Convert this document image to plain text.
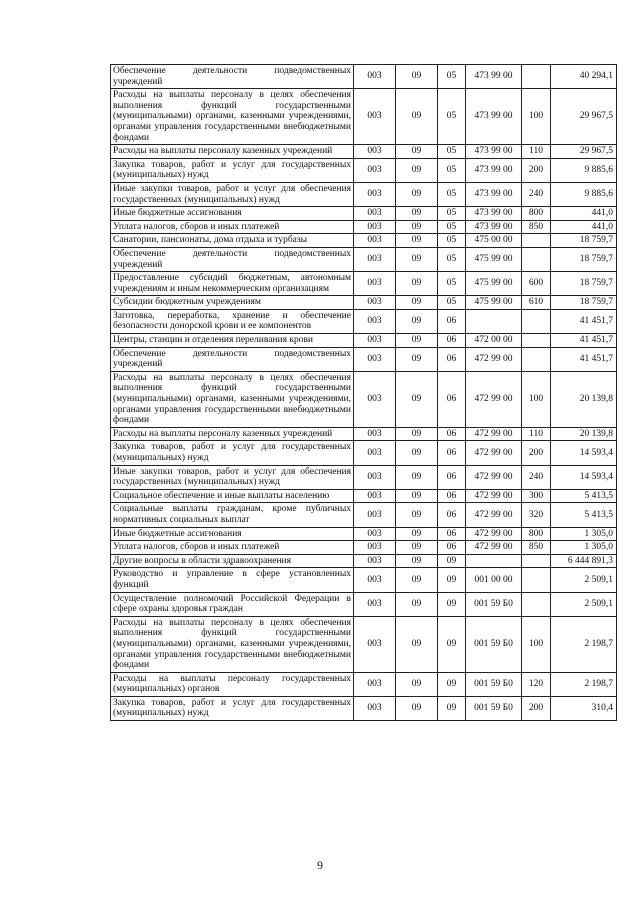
Обеспечение деятельности подведомственных учреждений	003	09	05	473 99 00		40 294,1
Расходы на выплаты персоналу в целях обеспечения выполнения функций государственными (муниципальными) органами, казенными учреждениями, органами управления государственными внебюджетными фондами	003	09	05	473 99 00	100	29 967,5
Расходы на выплаты персоналу казенных учреждений	003	09	05	473 99 00	110	29 967,5
Закупка товаров, работ и услуг для государственных (муниципальных) нужд	003	09	05	473 99 00	200	9 885,6
Иные закупки товаров, работ и услуг для обеспечения государственных (муниципальных) нужд	003	09	05	473 99 00	240	9 885,6
Иные бюджетные ассигнования	003	09	05	473 99 00	800	441,0
Уплата налогов, сборов и иных платежей	003	09	05	473 99 00	850	441,0
Санатории, пансионаты, дома отдыха и турбазы	003	09	05	475 00 00		18 759,7
Обеспечение деятельности подведомственных учреждений	003	09	05	475 99 00		18 759,7
Предоставление субсидий бюджетным, автономным учреждениям и иным некоммерческим организациям	003	09	05	475 99 00	600	18 759,7
Субсидии бюджетным учреждениям	003	09	05	475 99 00	610	18 759,7
Заготовка, переработка, хранение и обеспечение безопасности донорской крови и ее компонентов	003	09	06			41 451,7
Центры, станции и отделения переливания крови	003	09	06	472 00 00		41 451,7
Обеспечение деятельности подведомственных учреждений	003	09	06	472 99 00		41 451,7
Расходы на выплаты персоналу в целях обеспечения выполнения функций государственными (муниципальными) органами, казенными учреждениями, органами управления государственными внебюджетными фондами	003	09	06	472 99 00	100	20 139,8
Расходы на выплаты персоналу казенных учреждений	003	09	06	472 99 00	110	20 139,8
Закупка товаров, работ и услуг для государственных (муниципальных) нужд	003	09	06	472 99 00	200	14 593,4
Иные закупки товаров, работ и услуг для обеспечения государственных (муниципальных) нужд	003	09	06	472 99 00	240	14 593,4
Социальное обеспечение и иные выплаты населению	003	09	06	472 99 00	300	5 413,5
Социальные выплаты гражданам, кроме публичных нормативных социальных выплат	003	09	06	472 99 00	320	5 413,5
Иные бюджетные ассигнования	003	09	06	472 99 00	800	1 305,0
Уплата налогов, сборов и иных платежей	003	09	06	472 99 00	850	1 305,0
Другие вопросы в области здравоохранения	003	09	09			6 444 891,3
Руководство и управление в сфере установленных функций	003	09	09	001 00 00		2 509,1
Осуществление полномочий Российской Федерации в сфере охраны здоровья граждан	003	09	09	001 59 Б0		2 509,1
Расходы на выплаты персоналу в целях обеспечения выполнения функций государственными (муниципальными) органами, казенными учреждениями, органами управления государственными внебюджетными фондами	003	09	09	001 59 Б0	100	2 198,7
Расходы на выплаты персоналу государственных (муниципальных) органов	003	09	09	001 59 Б0	120	2 198,7
Закупка товаров, работ и услуг для государственных (муниципальных) нужд	003	09	09	001 59 Б0	200	310,4
9
